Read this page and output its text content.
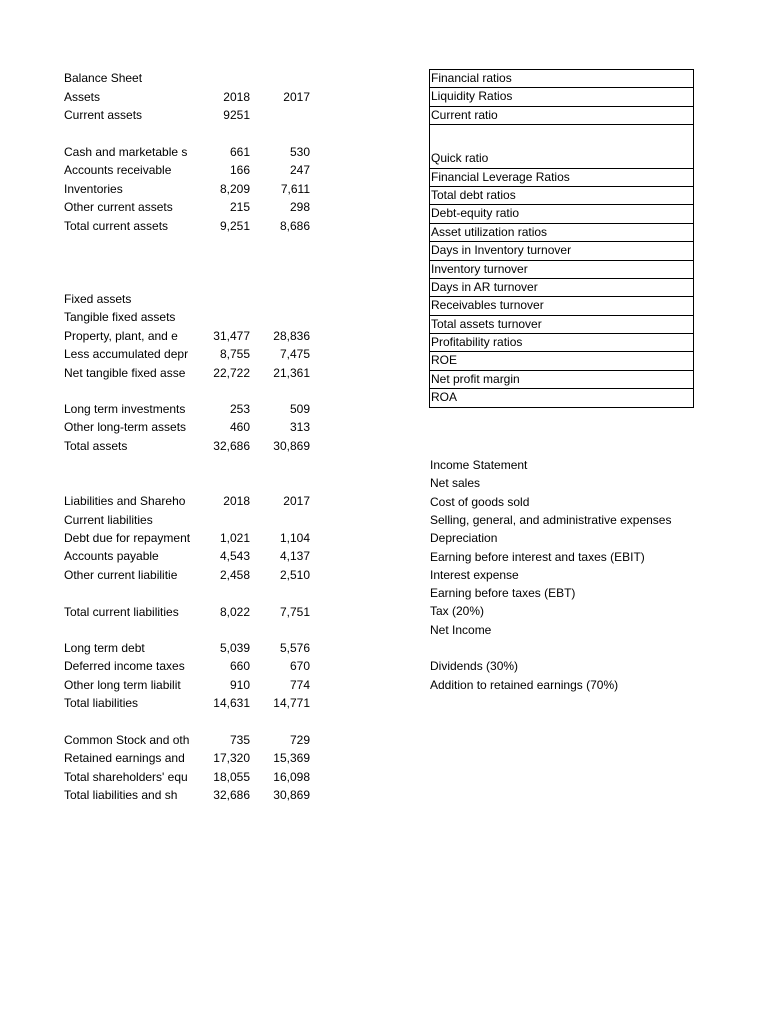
Balance Sheet
Assets	2018	2017
Current assets	9251
Cash and marketable s	661	530
Accounts receivable	166	247
Inventories	8,209	7,611
Other current assets	215	298
Total current assets	9,251	8,686
Fixed assets
Tangible fixed assets
Property, plant, and e	31,477	28,836
Less accumulated depr	8,755	7,475
Net tangible fixed asse	22,722	21,361
Long term investments	253	509
Other long-term assets	460	313
Total assets	32,686	30,869
Liabilities and Shareho	2018	2017
Current liabilities
Debt due for repayment	1,021	1,104
Accounts payable	4,543	4,137
Other current liabilitie	2,458	2,510
Total current liabilities	8,022	7,751
Long term debt	5,039	5,576
Deferred income taxes	660	670
Other long term liabilit	910	774
Total liabilities	14,631	14,771
Common Stock and oth	735	729
Retained earnings and	17,320	15,369
Total shareholders' equ	18,055	16,098
Total liabilities and sh	32,686	30,869
Financial ratios
Liquidity Ratios
Current ratio
Quick ratio
Financial Leverage Ratios
Total debt ratios
Debt-equity ratio
Asset utilization ratios
Days in Inventory turnover
Inventory turnover
Days in AR turnover
Receivables turnover
Total assets turnover
Profitability ratios
ROE
Net profit margin
ROA
Income Statement
Net sales
Cost of goods sold
Selling, general, and administrative expenses
Depreciation
Earning before interest and taxes (EBIT)
Interest expense
Earning before taxes (EBT)
Tax (20%)
Net Income
Dividends (30%)
Addition to retained earnings (70%)
